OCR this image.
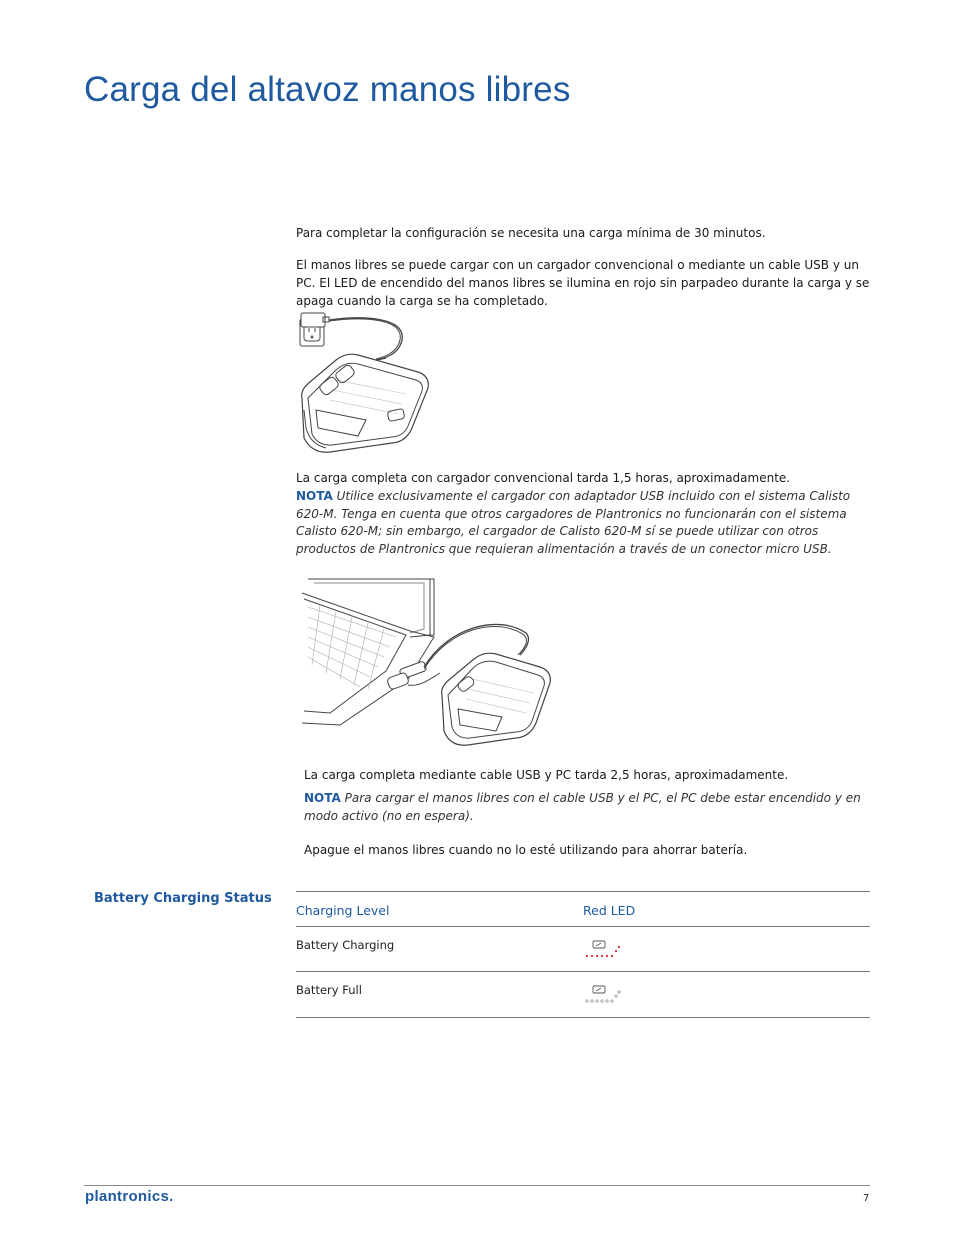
Carga del altavoz manos libres

Para completar la configuración se necesita una carga mínima de 30 minutos.

El manos libres se puede cargar con un cargador convencional o mediante un cable USB y un PC. El LED de encendido del manos libres se ilumina en rojo sin parpadeo durante la carga y se apaga cuando la carga se ha completado.

La carga completa con cargador convencional tarda 1,5 horas, aproximadamente.

NOTA Utilice exclusivamente el cargador con adaptador USB incluido con el sistema Calisto 620-M. Tenga en cuenta que otros cargadores de Plantronics no funcionarán con el sistema Calisto 620-M; sin embargo, el cargador de Calisto 620-M sí se puede utilizar con otros productos de Plantronics que requieran alimentación a través de un conector micro USB.

La carga completa mediante cable USB y PC tarda 2,5 horas, aproximadamente.

NOTA Para cargar el manos libres con el cable USB y el PC, el PC debe estar encendido y en modo activo (no en espera).

Apague el manos libres cuando no lo esté utilizando para ahorrar batería.

Battery Charging Status
Charging Level	Red LED
Battery Charging
Battery Full
plantronics.	7
